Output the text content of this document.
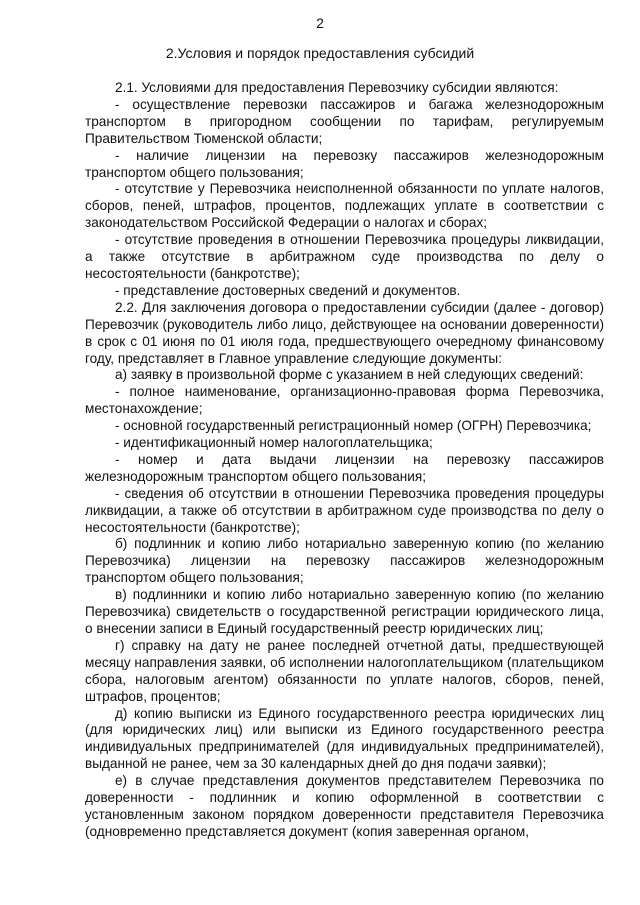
2
2.Условия и порядок предоставления субсидий

2.1. Условиями для предоставления Перевозчику субсидии являются:

- осуществление перевозки пассажиров и багажа железнодорожным транспортом в пригородном сообщении по тарифам, регулируемым Правительством Тюменской области;

- наличие лицензии на перевозку пассажиров железнодорожным транспортом общего пользования;

- отсутствие у Перевозчика неисполненной обязанности по уплате налогов, сборов, пеней, штрафов, процентов, подлежащих уплате в соответствии с законодательством Российской Федерации о налогах и сборах;

- отсутствие проведения в отношении Перевозчика процедуры ликвидации, а также отсутствие в арбитражном суде производства по делу о несостоятельности (банкротстве);

- представление достоверных сведений и документов.

2.2. Для заключения договора о предоставлении субсидии (далее - договор) Перевозчик (руководитель либо лицо, действующее на основании доверенности) в срок с 01 июня по 01 июля года, предшествующего очередному финансовому году, представляет в Главное управление следующие документы:

а) заявку в произвольной форме с указанием в ней следующих сведений:

- полное наименование, организационно-правовая форма Перевозчика, местонахождение;

- основной государственный регистрационный номер (ОГРН) Перевозчика;

- идентификационный номер налогоплательщика;

- номер и дата выдачи лицензии на перевозку пассажиров железнодорожным транспортом общего пользования;

- сведения об отсутствии в отношении Перевозчика проведения процедуры ликвидации, а также об отсутствии в арбитражном суде производства по делу о несостоятельности (банкротстве);

б) подлинник и копию либо нотариально заверенную копию (по желанию Перевозчика) лицензии на перевозку пассажиров железнодорожным транспортом общего пользования;

в) подлинники и копию либо нотариально заверенную копию (по желанию Перевозчика) свидетельств о государственной регистрации юридического лица, о внесении записи в Единый государственный реестр юридических лиц;

г) справку на дату не ранее последней отчетной даты, предшествующей месяцу направления заявки, об исполнении налогоплательщиком (плательщиком сбора, налоговым агентом) обязанности по уплате налогов, сборов, пеней, штрафов, процентов;

д) копию выписки из Единого государственного реестра юридических лиц (для юридических лиц) или выписки из Единого государственного реестра индивидуальных предпринимателей (для индивидуальных предпринимателей), выданной не ранее, чем за 30 календарных дней до дня подачи заявки);

е) в случае представления документов представителем Перевозчика по доверенности - подлинник и копию оформленной в соответствии с установленным законом порядком доверенности представителя Перевозчика (одновременно представляется документ (копия заверенная органом,
